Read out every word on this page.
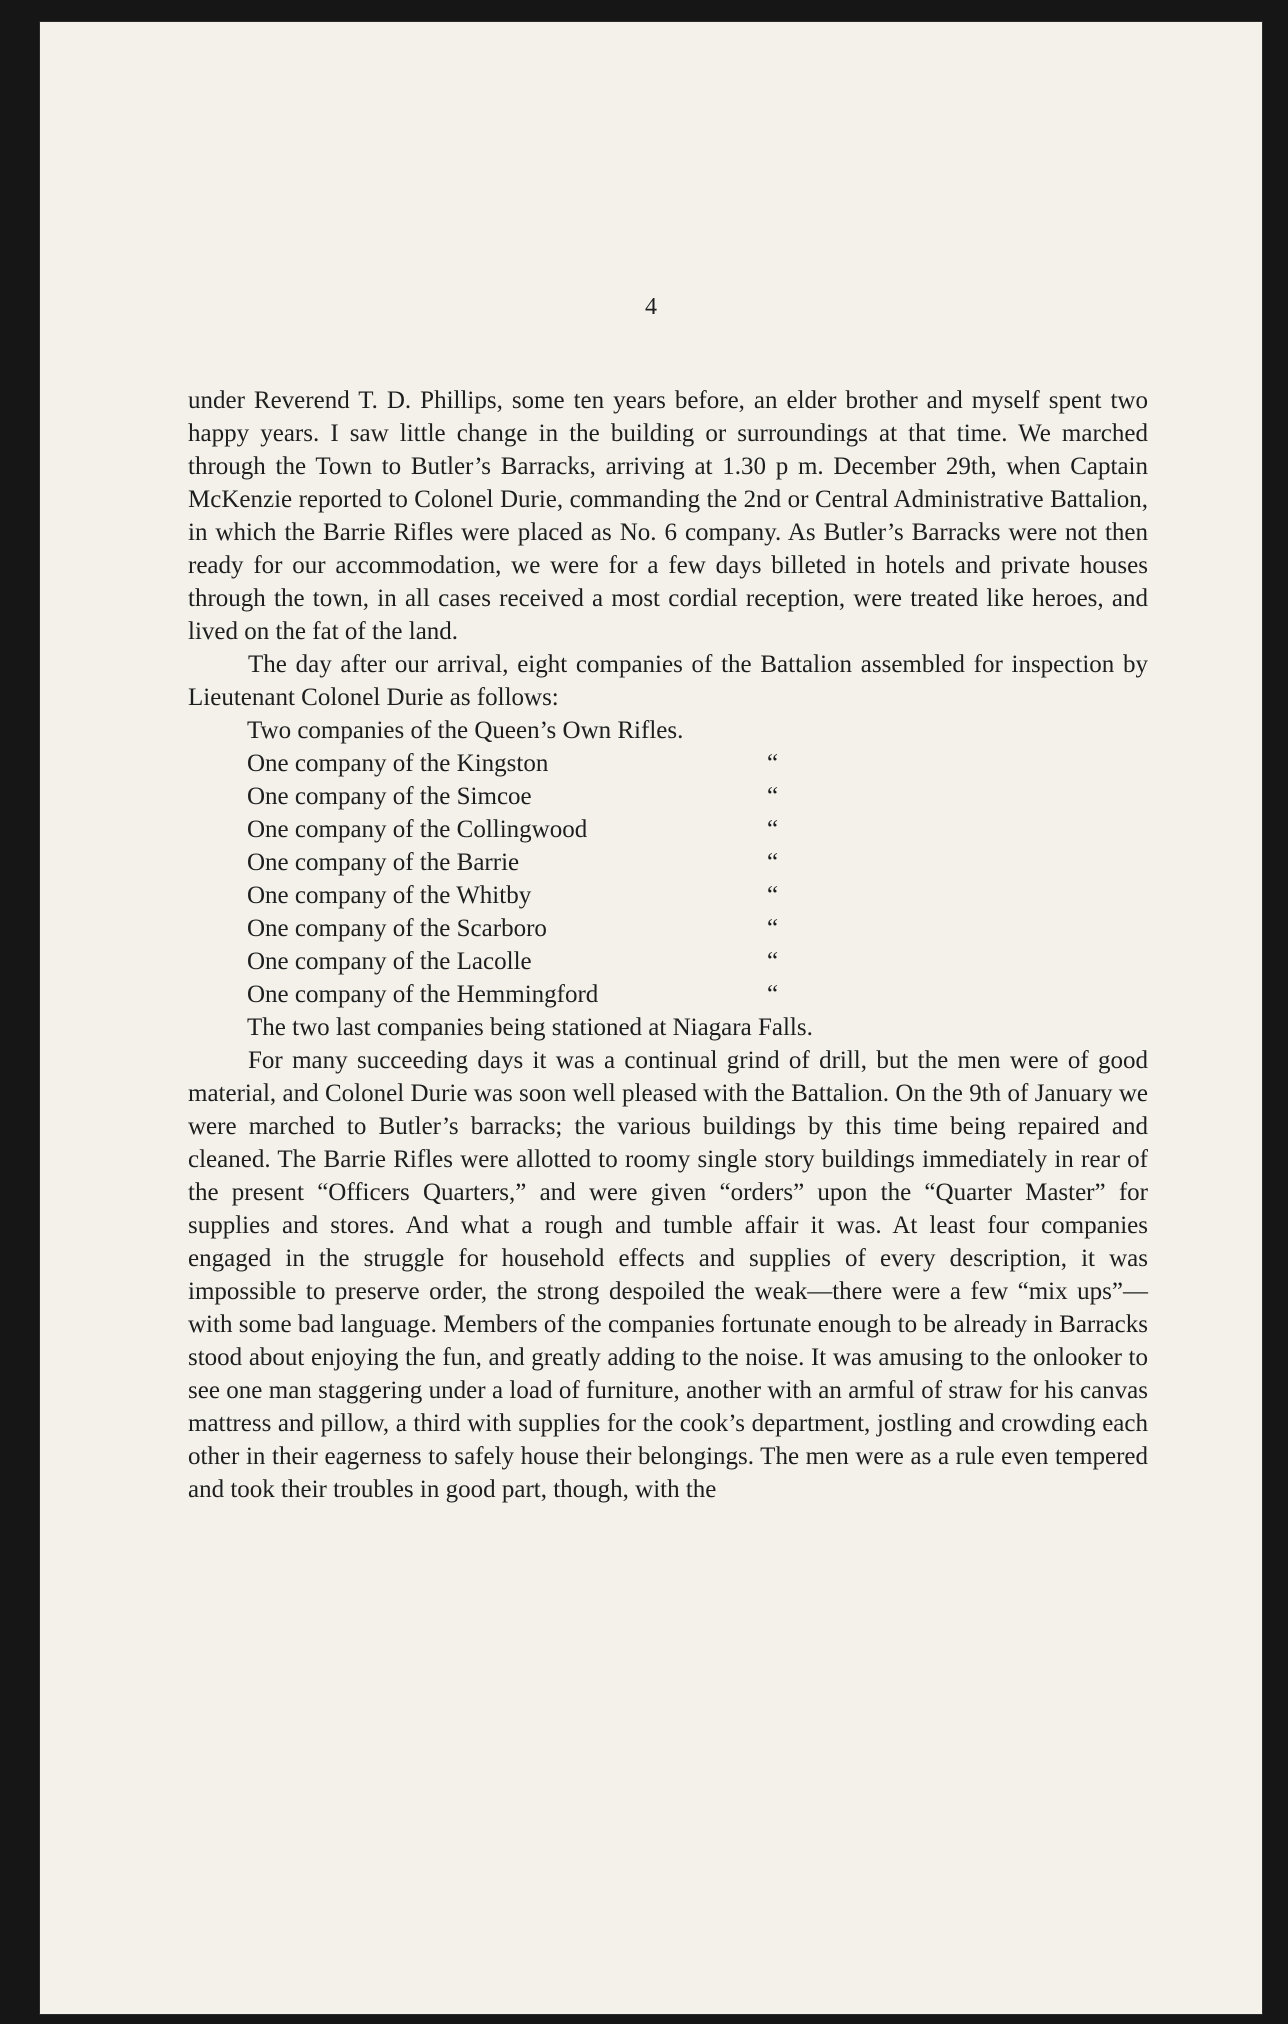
4

under Reverend T. D. Phillips, some ten years before, an elder brother and myself spent two happy years. I saw little change in the building or surroundings at that time. We marched through the Town to Butler’s Barracks, arriving at 1.30 p m. December 29th, when Captain McKenzie reported to Colonel Durie, commanding the 2nd or Central Administrative Battalion, in which the Barrie Rifles were placed as No. 6 company. As Butler’s Barracks were not then ready for our accommodation, we were for a few days billeted in hotels and private houses through the town, in all cases received a most cordial reception, were treated like heroes, and lived on the fat of the land.

The day after our arrival, eight companies of the Battalion assembled for inspection by Lieutenant Colonel Durie as follows:

Two companies of the Queen’s Own Rifles.
One company of the Kingston	“
One company of the Simcoe	“
One company of the Collingwood	“
One company of the Barrie	“
One company of the Whitby	“
One company of the Scarboro	“
One company of the Lacolle	“
One company of the Hemmingford	“

The two last companies being stationed at Niagara Falls.

For many succeeding days it was a continual grind of drill, but the men were of good material, and Colonel Durie was soon well pleased with the Battalion. On the 9th of January we were marched to Butler’s barracks; the various buildings by this time being repaired and cleaned. The Barrie Rifles were allotted to roomy single story buildings immediately in rear of the present “Officers Quarters,” and were given “orders” upon the “Quarter Master” for supplies and stores. And what a rough and tumble affair it was. At least four companies engaged in the struggle for household effects and supplies of every description, it was impossible to preserve order, the strong despoiled the weak—there were a few “mix ups”—with some bad language. Members of the companies fortunate enough to be already in Barracks stood about enjoying the fun, and greatly adding to the noise. It was amusing to the onlooker to see one man staggering under a load of furniture, another with an armful of straw for his canvas mattress and pillow, a third with supplies for the cook’s department, jostling and crowding each other in their eagerness to safely house their belongings. The men were as a rule even tempered and took their troubles in good part, though, with the
